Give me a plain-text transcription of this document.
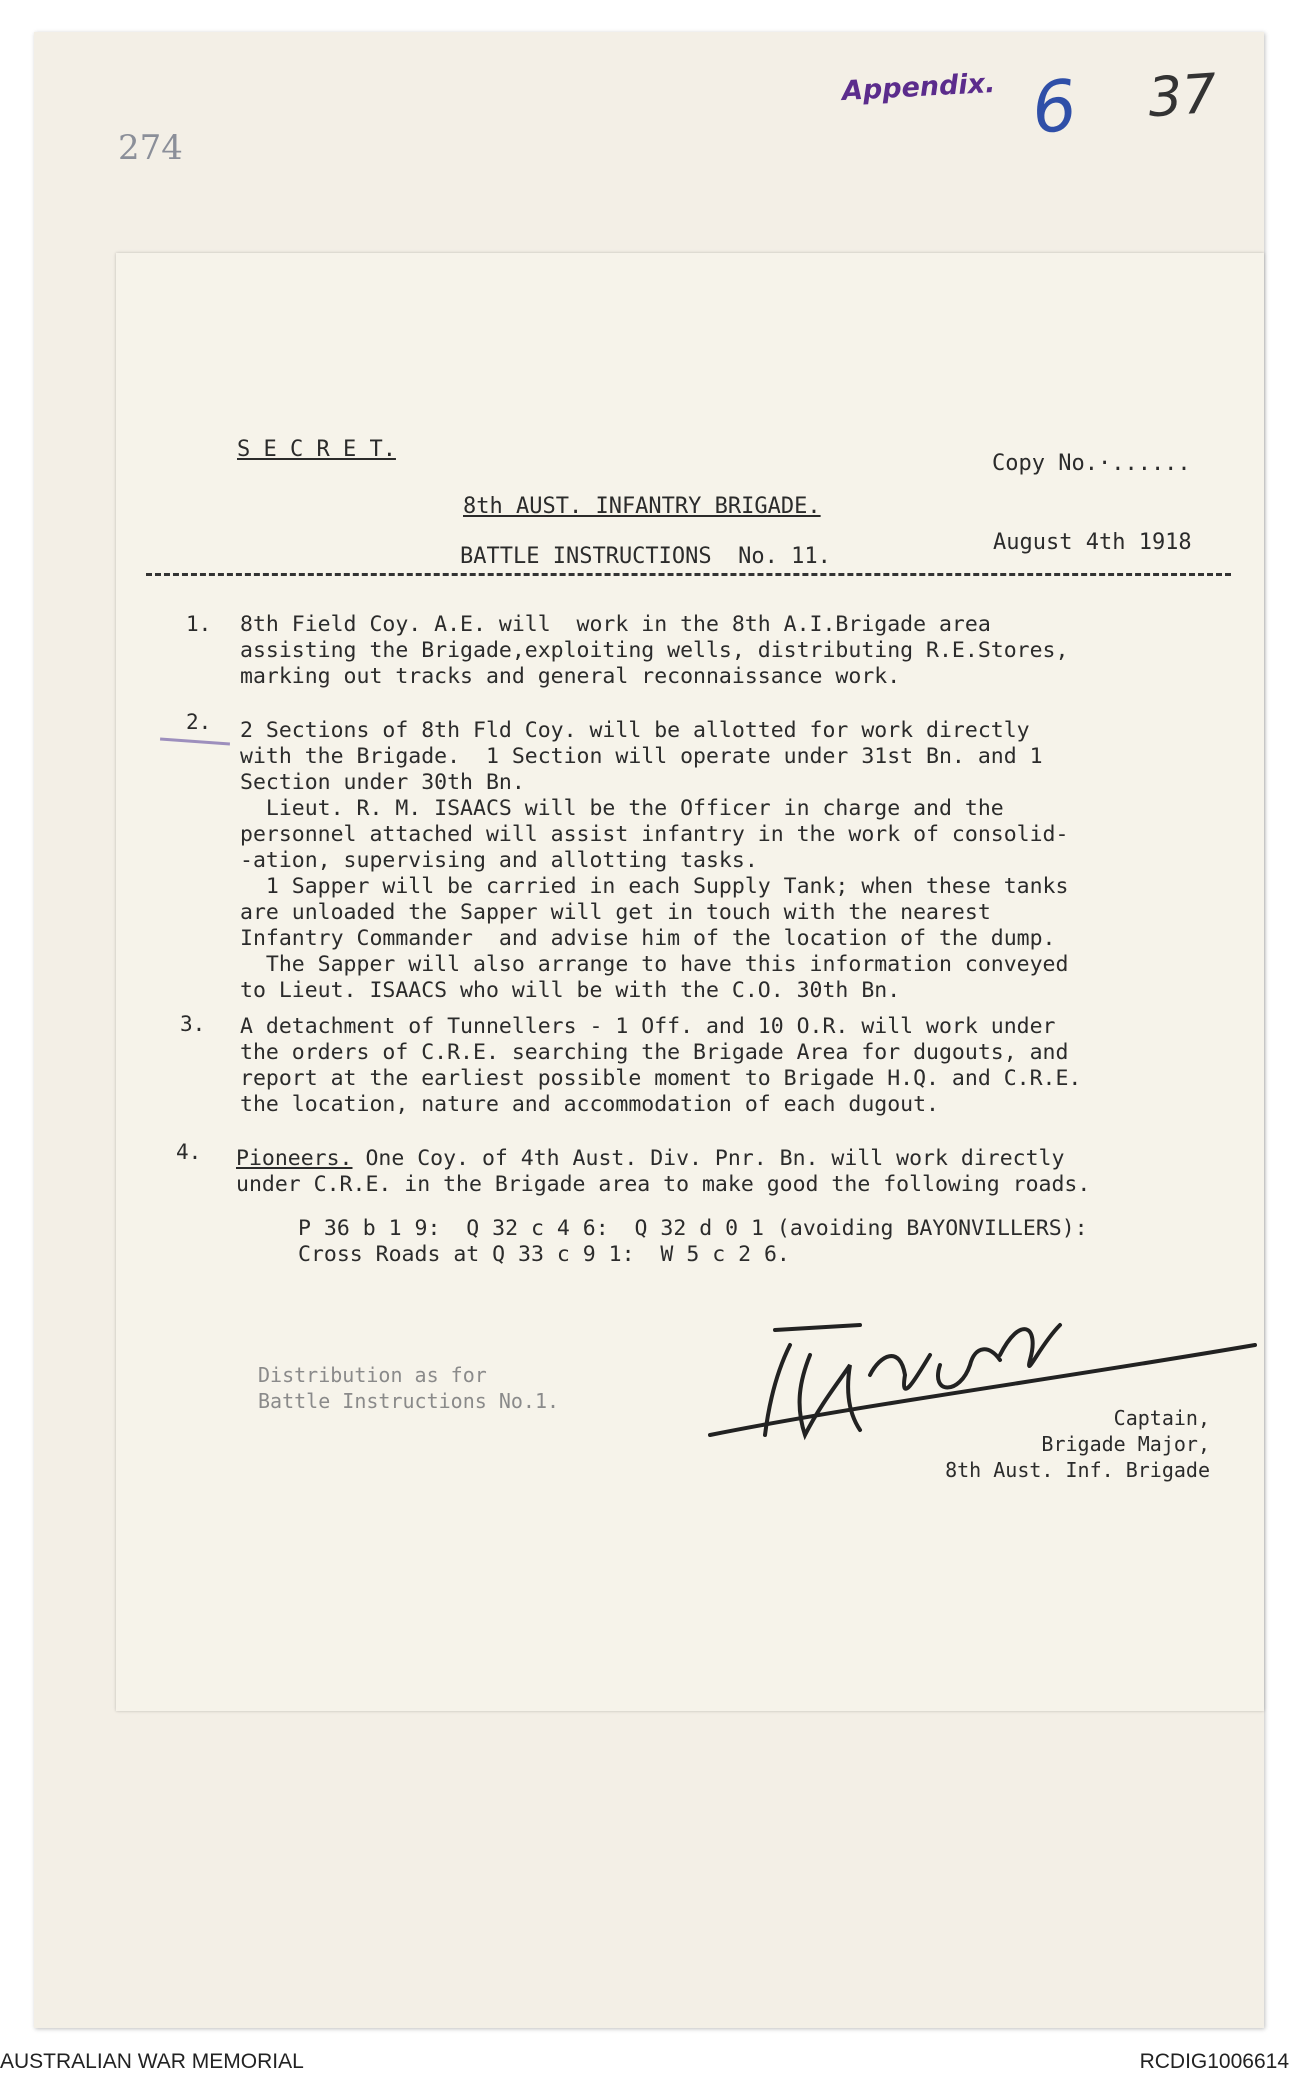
274
Appendix. 6 37
S E C R E T.
Copy No.·......
8th AUST. INFANTRY BRIGADE.
August 4th 1918
BATTLE INSTRUCTIONS  No. 11.
1. 8th Field Coy. A.E. will  work in the 8th A.I.Brigade area
assisting the Brigade,exploiting wells, distributing R.E.Stores,
marking out tracks and general reconnaissance work.
2. 2 Sections of 8th Fld Coy. will be allotted for work directly
with the Brigade.  1 Section will operate under 31st Bn. and 1
Section under 30th Bn.
Lieut. R. M. ISAACS will be the Officer in charge and the
personnel attached will assist infantry in the work of consolid-
-ation, supervising and allotting tasks.
1 Sapper will be carried in each Supply Tank; when these tanks
are unloaded the Sapper will get in touch with the nearest
Infantry Commander  and advise him of the location of the dump.
The Sapper will also arrange to have this information conveyed
to Lieut. ISAACS who will be with the C.O. 30th Bn.
3. A detachment of Tunnellers - 1 Off. and 10 O.R. will work under
the orders of C.R.E. searching the Brigade Area for dugouts, and
report at the earliest possible moment to Brigade H.Q. and C.R.E.
the location, nature and accommodation of each dugout.
4. Pioneers. One Coy. of 4th Aust. Div. Pnr. Bn. will work directly
under C.R.E. in the Brigade area to make good the following roads.
P 36 b 1 9:  Q 32 c 4 6:  Q 32 d 0 1 (avoiding BAYONVILLERS):
Cross Roads at Q 33 c 9 1:  W 5 c 2 6.
Distribution as for
Battle Instructions No.1.
Captain,
Brigade Major,
8th Aust. Inf. Brigade
AUSTRALIAN WAR MEMORIAL	RCDIG1006614
